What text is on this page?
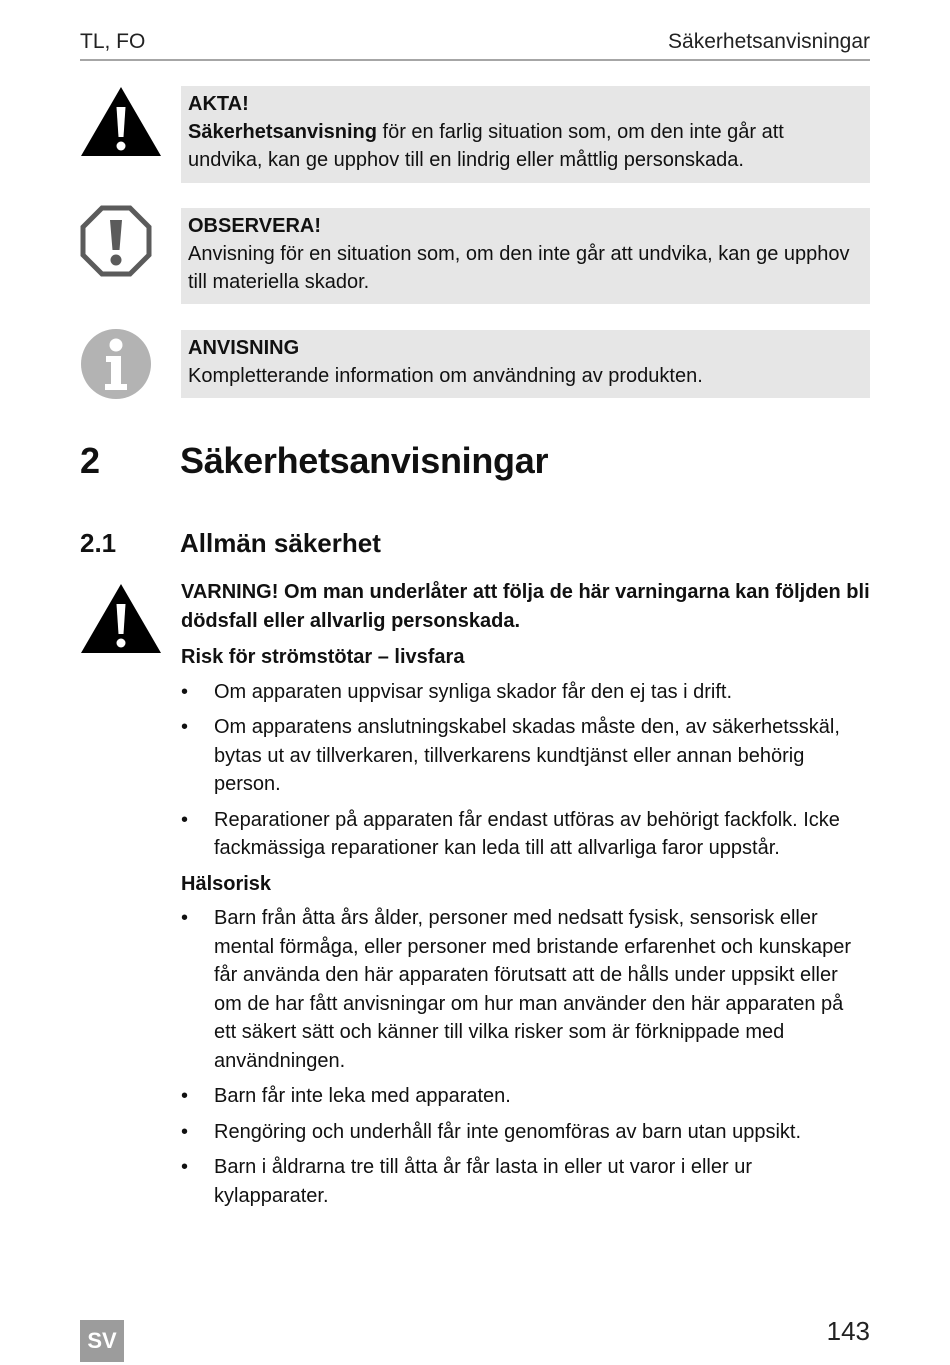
TL, FO	Säkerhetsanvisningar
AKTA!
Säkerhetsanvisning för en farlig situation som, om den inte går att undvika, kan ge upphov till en lindrig eller måttlig personskada.
OBSERVERA!
Anvisning för en situation som, om den inte går att undvika, kan ge upphov till materiella skador.
ANVISNING
Kompletterande information om användning av produkten.
2 Säkerhetsanvisningar
2.1 Allmän säkerhet

VARNING! Om man underlåter att följa de här varningarna kan följden bli dödsfall eller allvarlig personskada.

Risk för strömstötar – livsfara
• Om apparaten uppvisar synliga skador får den ej tas i drift.
• Om apparatens anslutningskabel skadas måste den, av säkerhetsskäl, bytas ut av tillverkaren, tillverkarens kundtjänst eller annan behörig person.
• Reparationer på apparaten får endast utföras av behörigt fackfolk. Icke fackmässiga reparationer kan leda till att allvarliga faror uppstår.
Hälsorisk
• Barn från åtta års ålder, personer med nedsatt fysisk, sensorisk eller mental förmåga, eller personer med bristande erfarenhet och kunskaper får använda den här apparaten förutsatt att de hålls under uppsikt eller om de har fått anvisningar om hur man använder den här apparaten på ett säkert sätt och känner till vilka risker som är förknippade med användningen.
• Barn får inte leka med apparaten.
• Rengöring och underhåll får inte genomföras av barn utan uppsikt.
• Barn i åldrarna tre till åtta år får lasta in eller ut varor i eller ur kylapparater.
143
SV
